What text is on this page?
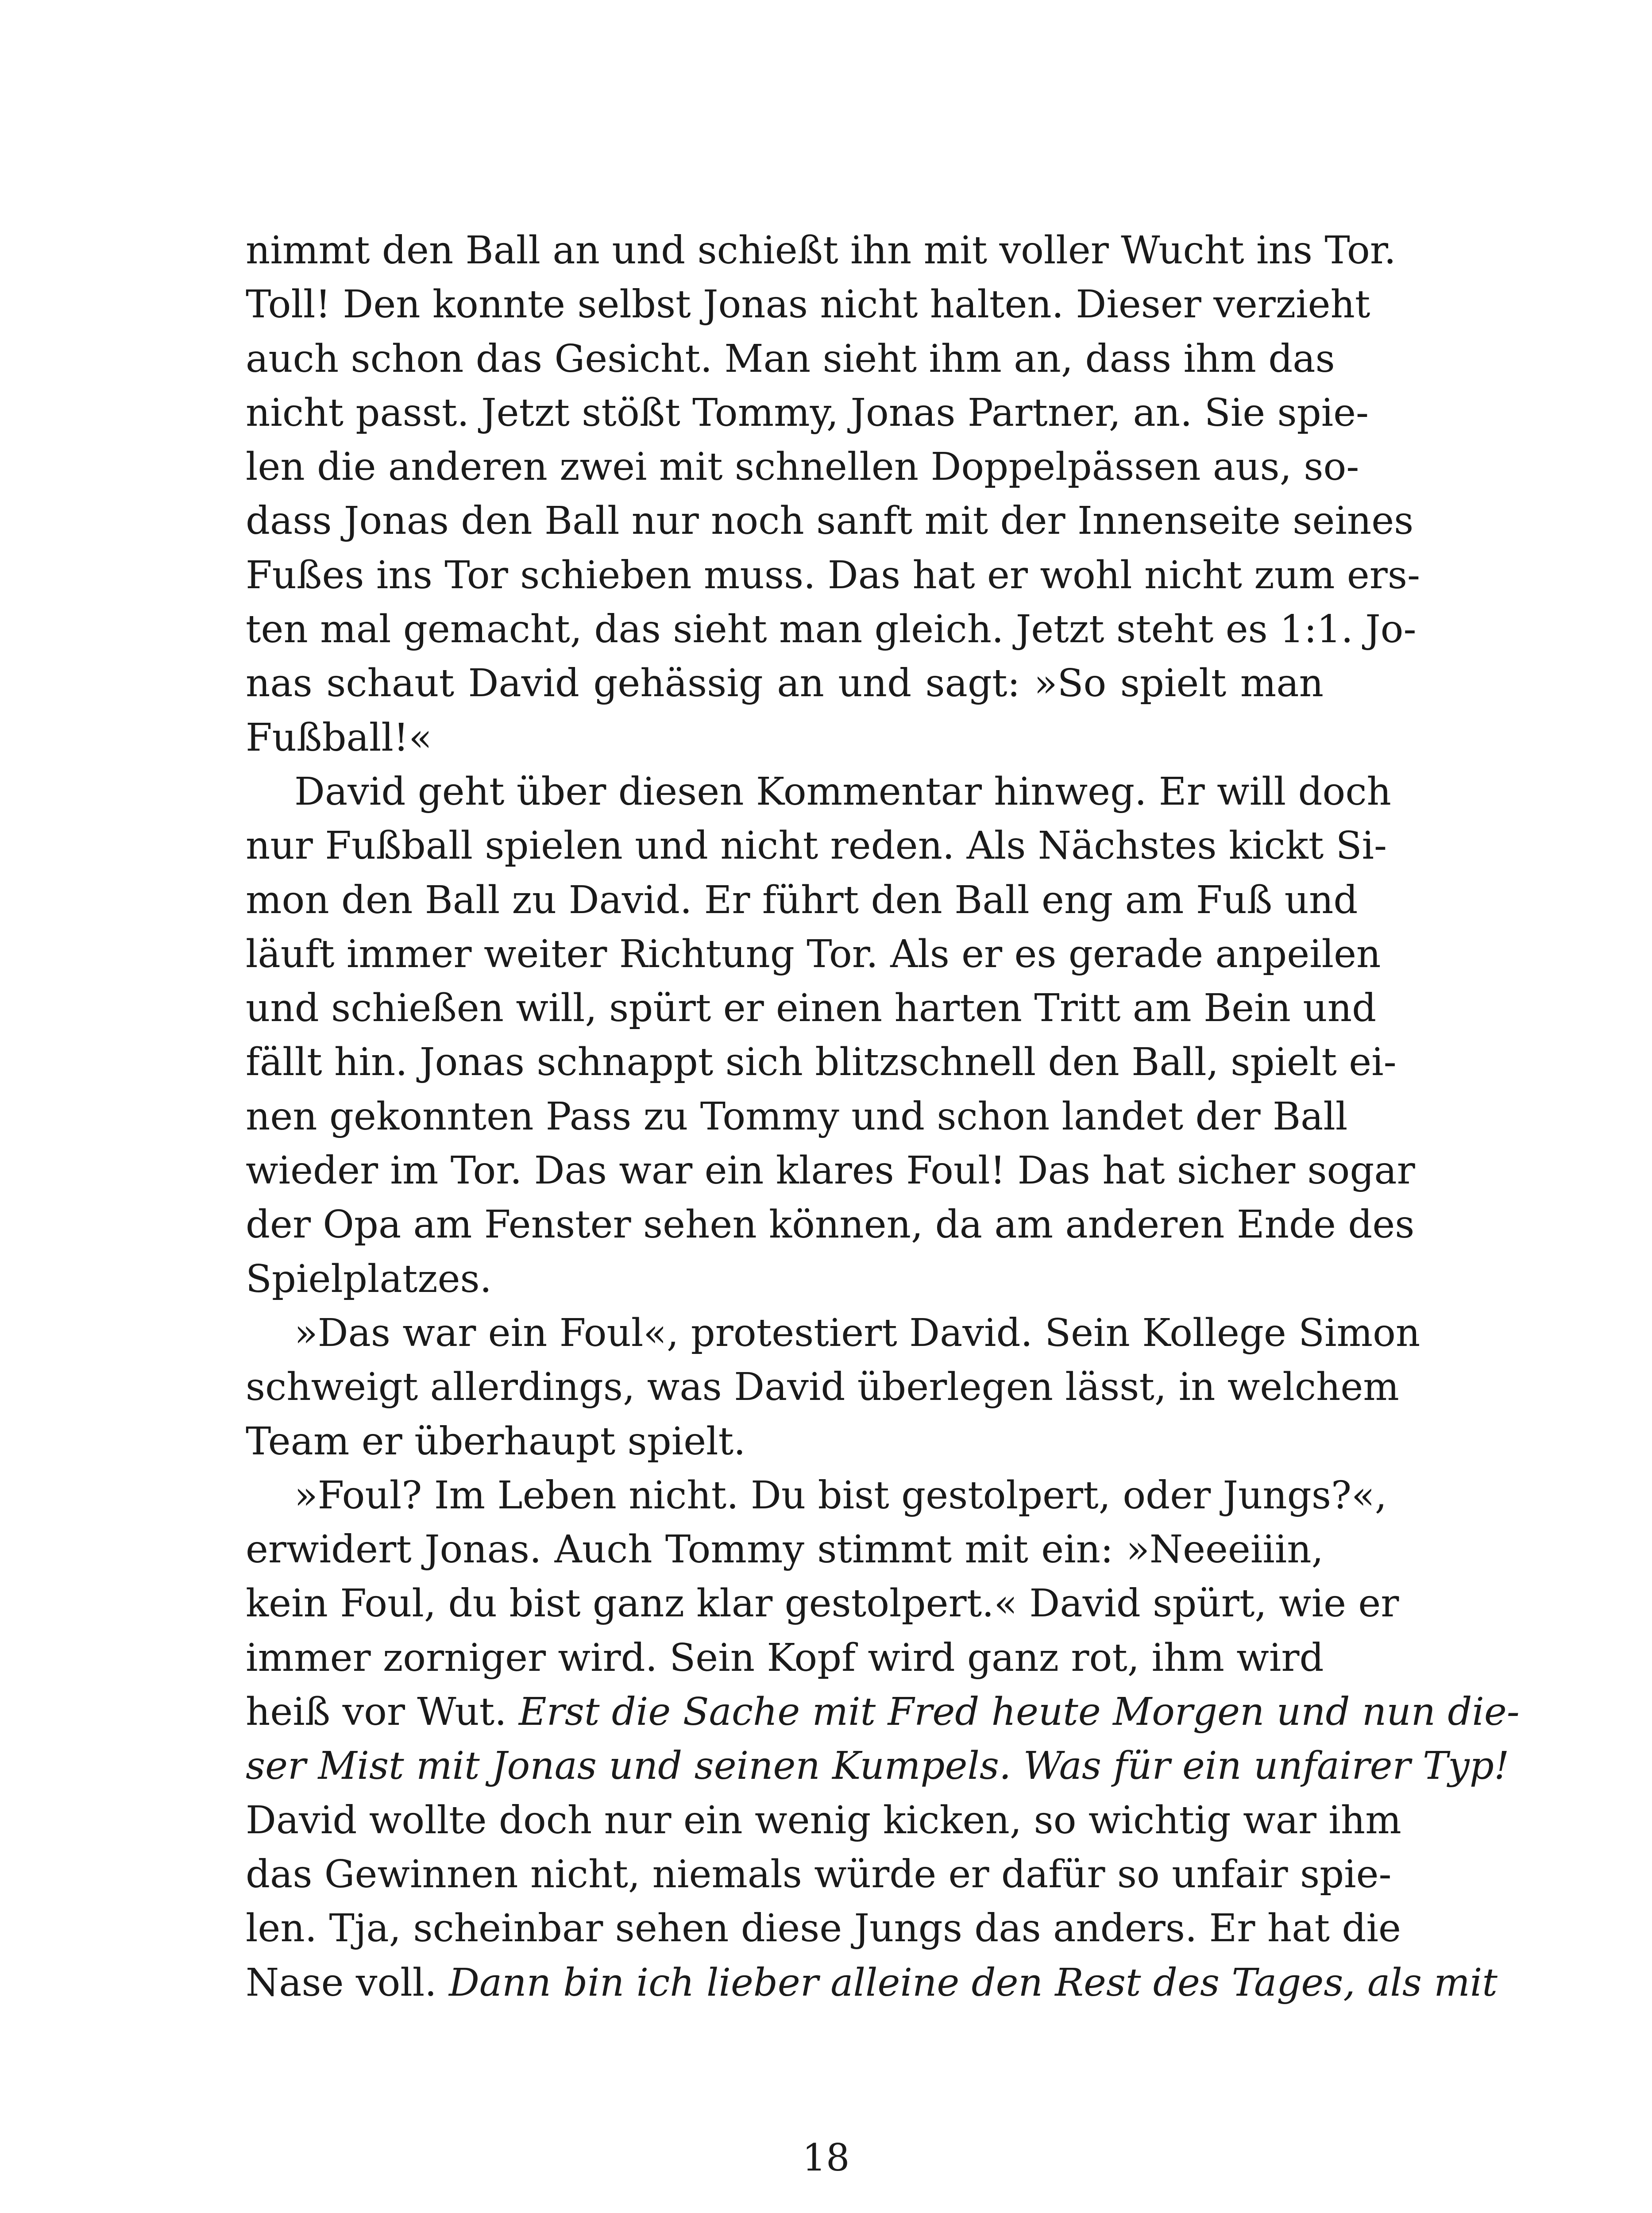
nimmt den Ball an und schießt ihn mit voller Wucht ins Tor.
Toll! Den konnte selbst Jonas nicht halten. Dieser verzieht
auch schon das Gesicht. Man sieht ihm an, dass ihm das
nicht passt. Jetzt stößt Tommy, Jonas Partner, an. Sie spie-
len die anderen zwei mit schnellen Doppelpässen aus, so-
dass Jonas den Ball nur noch sanft mit der Innenseite seines
Fußes ins Tor schieben muss. Das hat er wohl nicht zum ers-
ten mal gemacht, das sieht man gleich. Jetzt steht es 1:1. Jo-
nas schaut David gehässig an und sagt: »So spielt man
Fußball!«
David geht über diesen Kommentar hinweg. Er will doch
nur Fußball spielen und nicht reden. Als Nächstes kickt Si-
mon den Ball zu David. Er führt den Ball eng am Fuß und
läuft immer weiter Richtung Tor. Als er es gerade anpeilen
und schießen will, spürt er einen harten Tritt am Bein und
fällt hin. Jonas schnappt sich blitzschnell den Ball, spielt ei-
nen gekonnten Pass zu Tommy und schon landet der Ball
wieder im Tor. Das war ein klares Foul! Das hat sicher sogar
der Opa am Fenster sehen können, da am anderen Ende des
Spielplatzes.
»Das war ein Foul«, protestiert David. Sein Kollege Simon
schweigt allerdings, was David überlegen lässt, in welchem
Team er überhaupt spielt.
»Foul? Im Leben nicht. Du bist gestolpert, oder Jungs?«,
erwidert Jonas. Auch Tommy stimmt mit ein: »Neeeiiin,
kein Foul, du bist ganz klar gestolpert.« David spürt, wie er
immer zorniger wird. Sein Kopf wird ganz rot, ihm wird
heiß vor Wut. Erst die Sache mit Fred heute Morgen und nun die-
ser Mist mit Jonas und seinen Kumpels. Was für ein unfairer Typ!
David wollte doch nur ein wenig kicken, so wichtig war ihm
das Gewinnen nicht, niemals würde er dafür so unfair spie-
len. Tja, scheinbar sehen diese Jungs das anders. Er hat die
Nase voll. Dann bin ich lieber alleine den Rest des Tages, als mit
18
